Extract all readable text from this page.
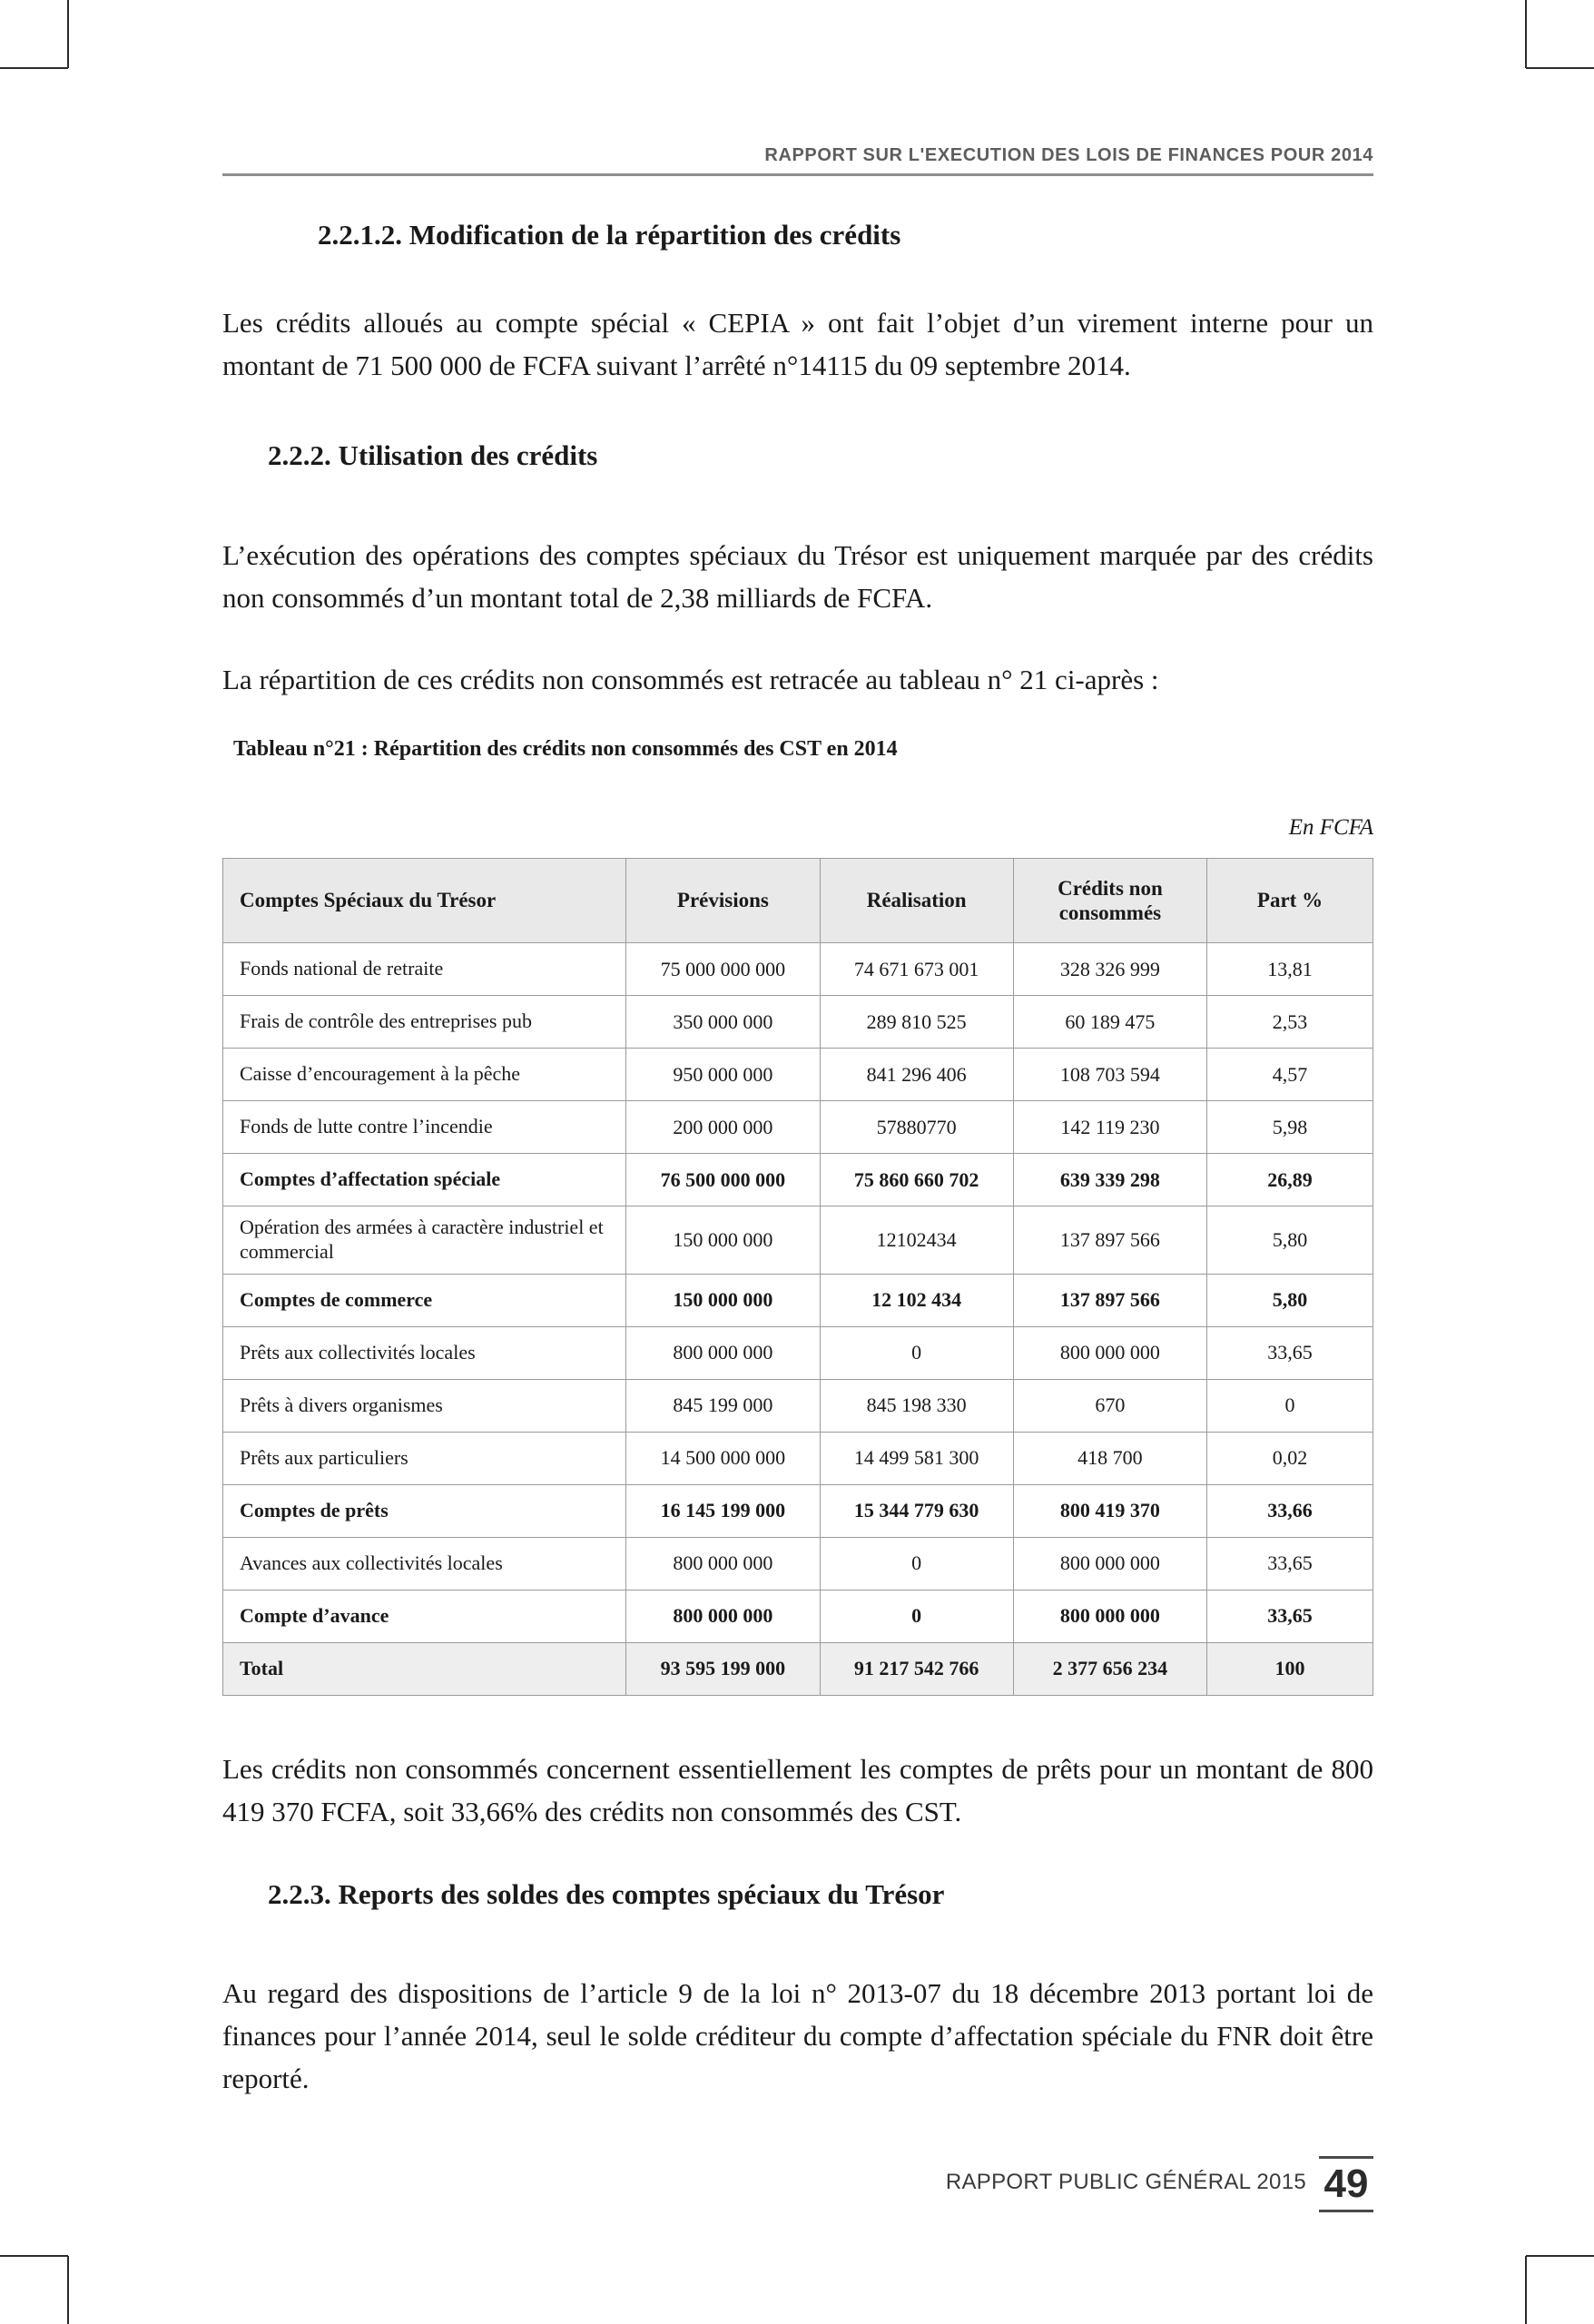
RAPPORT SUR L'EXECUTION DES LOIS DE FINANCES POUR 2014
2.2.1.2. Modification de la répartition des crédits

Les crédits alloués au compte spécial « CEPIA » ont fait l’objet d’un virement interne pour un montant de 71 500 000 de FCFA suivant l’arrêté n°14115 du 09 septembre 2014.

2.2.2. Utilisation des crédits

L’exécution des opérations des comptes spéciaux du Trésor est uniquement marquée par des crédits non consommés d’un montant total de 2,38 milliards de FCFA.

La répartition de ces crédits non consommés est retracée au tableau n° 21 ci-après :

Tableau n°21 : Répartition des crédits non consommés des CST en 2014

En FCFA

Comptes Spéciaux du Trésor	Prévisions	Réalisation	Crédits non consommés	Part %
Fonds national de retraite	75 000 000 000	74 671 673 001	328 326 999	13,81
Frais de contrôle des entreprises pub	350 000 000	289 810 525	60 189 475	2,53
Caisse d’encouragement à la pêche	950 000 000	841 296 406	108 703 594	4,57
Fonds de lutte contre l’incendie	200 000 000	57880770	142 119 230	5,98
Comptes d’affectation spéciale	76 500 000 000	75 860 660 702	639 339 298	26,89
Opération des armées à caractère industriel et commercial	150 000 000	12102434	137 897 566	5,80
Comptes de commerce	150 000 000	12 102 434	137 897 566	5,80
Prêts aux collectivités locales	800 000 000	0	800 000 000	33,65
Prêts à divers organismes	845 199 000	845 198 330	670	0
Prêts aux particuliers	14 500 000 000	14 499 581 300	418 700	0,02
Comptes de prêts	16 145 199 000	15 344 779 630	800 419 370	33,66
Avances aux collectivités locales	800 000 000	0	800 000 000	33,65
Compte d’avance	800 000 000	0	800 000 000	33,65
Total	93 595 199 000	91 217 542 766	2 377 656 234	100

Les crédits non consommés concernent essentiellement les comptes de prêts pour un montant de 800 419 370 FCFA, soit 33,66% des crédits non consommés des CST.

2.2.3. Reports des soldes des comptes spéciaux du Trésor

Au regard des dispositions de l’article 9 de la loi n° 2013-07 du 18 décembre 2013 portant loi de finances pour l’année 2014, seul le solde créditeur du compte d’affectation spéciale du FNR doit être reporté.

RAPPORT PUBLIC GÉNÉRAL 2015 49
